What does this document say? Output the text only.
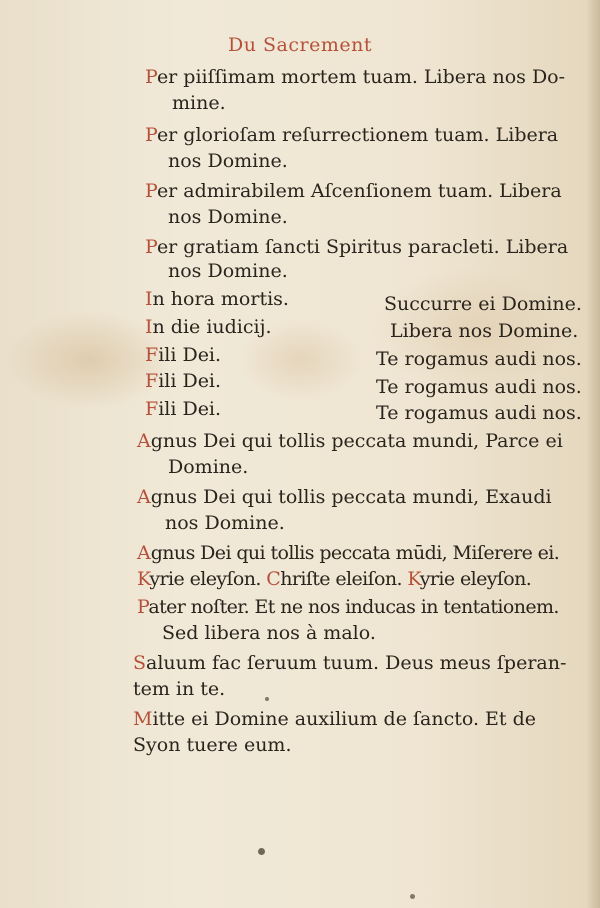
Du Sacrement
Per piiſſimam mortem tuam. Libera nos Do-
mine.
Per glorioſam reſurrectionem tuam. Libera
nos Domine.
Per admirabilem Aſcenſionem tuam. Libera
nos Domine.
Per gratiam ſancti Spiritus paracleti. Libera
nos Domine.
In hora mortis.	Succurre ei Domine.
In die iudicij.	Libera nos Domine.
Fili Dei.	Te rogamus audi nos.
Fili Dei.	Te rogamus audi nos.
Fili Dei.	Te rogamus audi nos.
Agnus Dei qui tollis peccata mundi, Parce ei
Domine.
Agnus Dei qui tollis peccata mundi, Exaudi
nos Domine.
Agnus Dei qui tollis peccata mūdi, Miſerere ei.
Kyrie eleyſon. Chriſte eleiſon. Kyrie eleyſon.
Pater noſter. Et ne nos inducas in tentationem.
Sed libera nos à malo.
Saluum fac ſeruum tuum. Deus meus ſperan-
tem in te.
Mitte ei Domine auxilium de ſancto. Et de
Syon tuere eum.
